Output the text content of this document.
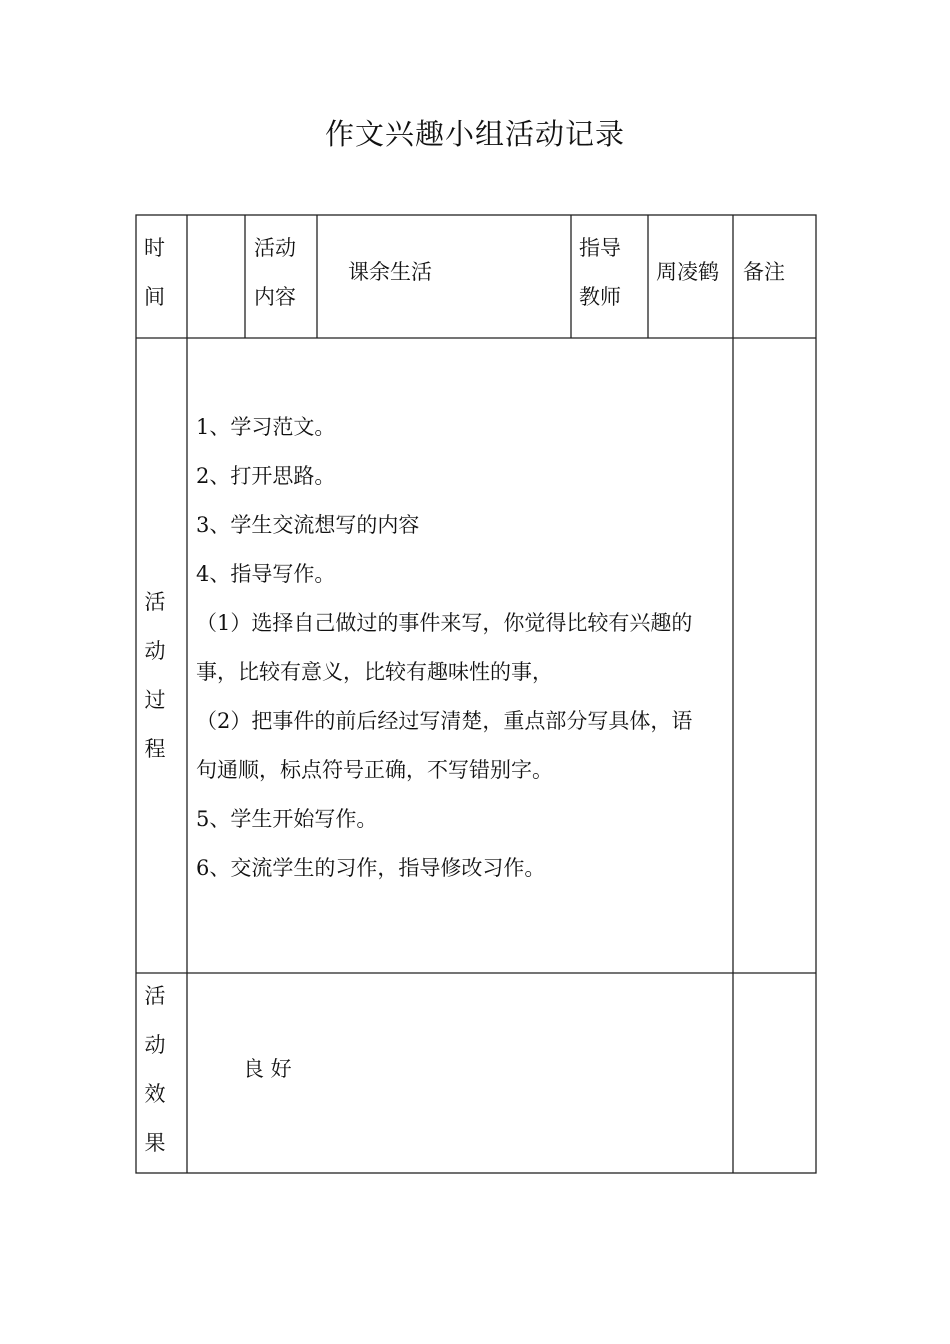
作文兴趣小组活动记录
时
间
活动
内容
课余生活
指导
教师
周凌鹤 备注
活
动
过
程
1、学习范文。
2、打开思路。
3、学生交流想写的内容
4、指导写作。
（1）选择自己做过的事件来写，你觉得比较有兴趣的
事，比较有意义，比较有趣味性的事，
（2）把事件的前后经过写清楚，重点部分写具体，语
句通顺，标点符号正确，不写错别字。
5、学生开始写作。
6、交流学生的习作，指导修改习作。
活
动
效
果
良 好
